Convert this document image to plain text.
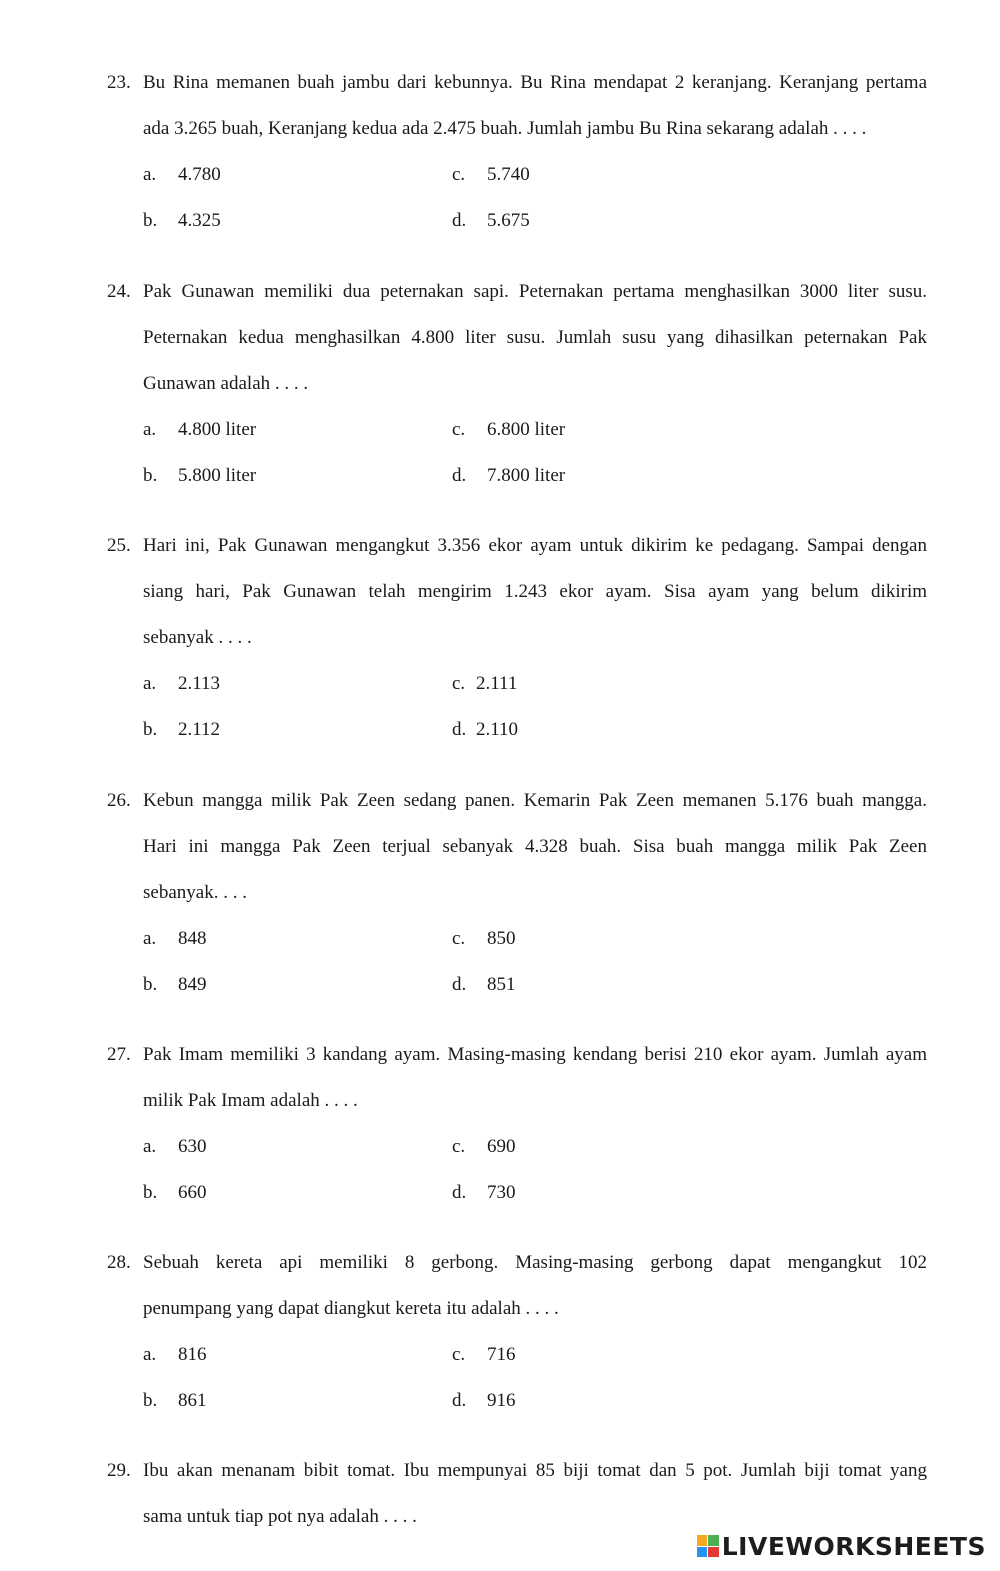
23. Bu Rina memanen buah jambu dari kebunnya. Bu Rina mendapat 2 keranjang. Keranjang pertama
ada 3.265 buah, Keranjang kedua ada 2.475 buah. Jumlah jambu Bu Rina sekarang adalah . . . .
a. 4.780	c. 5.740
b. 4.325	d. 5.675
24. Pak Gunawan memiliki dua peternakan sapi. Peternakan pertama menghasilkan 3000 liter susu.
Peternakan kedua menghasilkan 4.800 liter susu. Jumlah susu yang dihasilkan peternakan Pak
Gunawan adalah . . . .
a. 4.800 liter	c. 6.800 liter
b. 5.800 liter	d. 7.800 liter
25. Hari ini, Pak Gunawan mengangkut 3.356 ekor ayam untuk dikirim ke pedagang. Sampai dengan
siang hari, Pak Gunawan telah mengirim 1.243 ekor ayam. Sisa ayam yang belum dikirim
sebanyak . . . .
a. 2.113	c. 2.111
b. 2.112	d. 2.110
26. Kebun mangga milik Pak Zeen sedang panen. Kemarin Pak Zeen memanen 5.176 buah mangga.
Hari ini mangga Pak Zeen terjual sebanyak 4.328 buah. Sisa buah mangga milik Pak Zeen
sebanyak. . . .
a. 848	c. 850
b. 849	d. 851
27. Pak Imam memiliki 3 kandang ayam. Masing-masing kendang berisi 210 ekor ayam. Jumlah ayam
milik Pak Imam adalah . . . .
a. 630	c. 690
b. 660	d. 730
28. Sebuah kereta api memiliki 8 gerbong. Masing-masing gerbong dapat mengangkut 102
penumpang yang dapat diangkut kereta itu adalah . . . .
a. 816	c. 716
b. 861	d. 916
29. Ibu akan menanam bibit tomat. Ibu mempunyai 85 biji tomat dan 5 pot. Jumlah biji tomat yang
sama untuk tiap pot nya adalah . . . .
LIVEWORKSHEETS
